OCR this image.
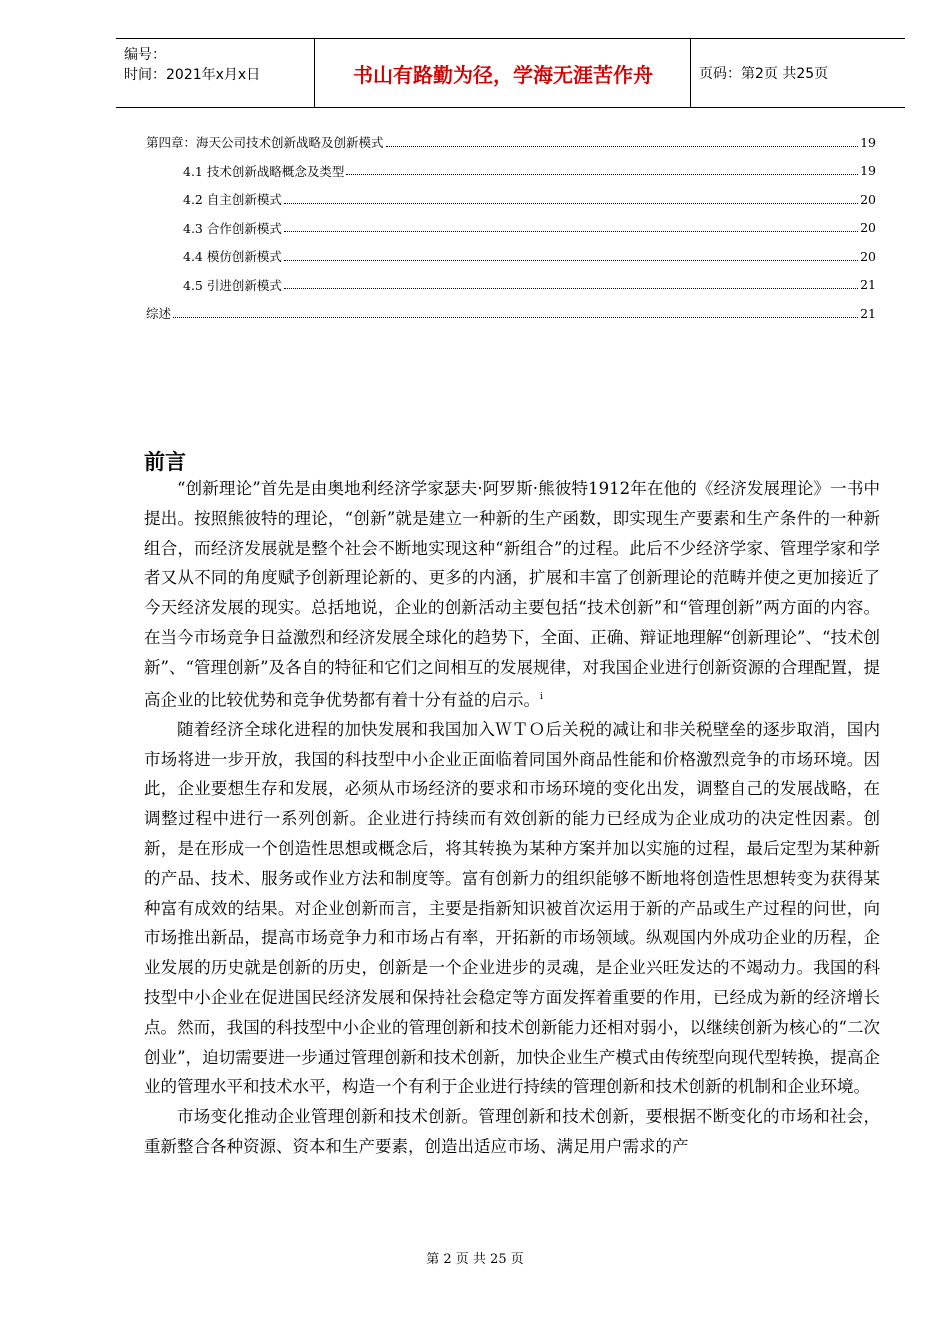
编号：
时间：2021年x月x日	书山有路勤为径，学海无涯苦作舟	页码：第2页 共25页
第四章：海天公司技术创新战略及创新模式	19
4.1 技术创新战略概念及类型	19
4.2 自主创新模式	20
4.3 合作创新模式	20
4.4 模仿创新模式	20
4.5 引进创新模式	21
综述	21
前言

“创新理论”首先是由奥地利经济学家瑟夫·阿罗斯·熊彼特1912年在他的《经济发展理论》一书中提出。按照熊彼特的理论，“创新”就是建立一种新的生产函数，即实现生产要素和生产条件的一种新组合，而经济发展就是整个社会不断地实现这种“新组合”的过程。此后不少经济学家、管理学家和学者又从不同的角度赋予创新理论新的、更多的内涵，扩展和丰富了创新理论的范畴并使之更加接近了今天经济发展的现实。总括地说，企业的创新活动主要包括“技术创新”和“管理创新”两方面的内容。在当今市场竞争日益激烈和经济发展全球化的趋势下，全面、正确、辩证地理解“创新理论”、“技术创新”、“管理创新”及各自的特征和它们之间相互的发展规律，对我国企业进行创新资源的合理配置，提高企业的比较优势和竞争优势都有着十分有益的启示。$^i$

随着经济全球化进程的加快发展和我国加入ＷＴＯ后关税的减让和非关税壁垒的逐步取消，国内市场将进一步开放，我国的科技型中小企业正面临着同国外商品性能和价格激烈竞争的市场环境。因此，企业要想生存和发展，必须从市场经济的要求和市场环境的变化出发，调整自己的发展战略，在调整过程中进行一系列创新。企业进行持续而有效创新的能力已经成为企业成功的决定性因素。创新，是在形成一个创造性思想或概念后，将其转换为某种方案并加以实施的过程，最后定型为某种新的产品、技术、服务或作业方法和制度等。富有创新力的组织能够不断地将创造性思想转变为获得某种富有成效的结果。对企业创新而言，主要是指新知识被首次运用于新的产品或生产过程的问世，向市场推出新品，提高市场竞争力和市场占有率，开拓新的市场领域。纵观国内外成功企业的历程，企业发展的历史就是创新的历史，创新是一个企业进步的灵魂，是企业兴旺发达的不竭动力。我国的科技型中小企业在促进国民经济发展和保持社会稳定等方面发挥着重要的作用，已经成为新的经济增长点。然而，我国的科技型中小企业的管理创新和技术创新能力还相对弱小，以继续创新为核心的“二次创业”，迫切需要进一步通过管理创新和技术创新，加快企业生产模式由传统型向现代型转换，提高企业的管理水平和技术水平，构造一个有利于企业进行持续的管理创新和技术创新的机制和企业环境。

市场变化推动企业管理创新和技术创新。管理创新和技术创新，要根据不断变化的市场和社会，重新整合各种资源、资本和生产要素，创造出适应市场、满足用户需求的产

第 2 页 共 25 页
